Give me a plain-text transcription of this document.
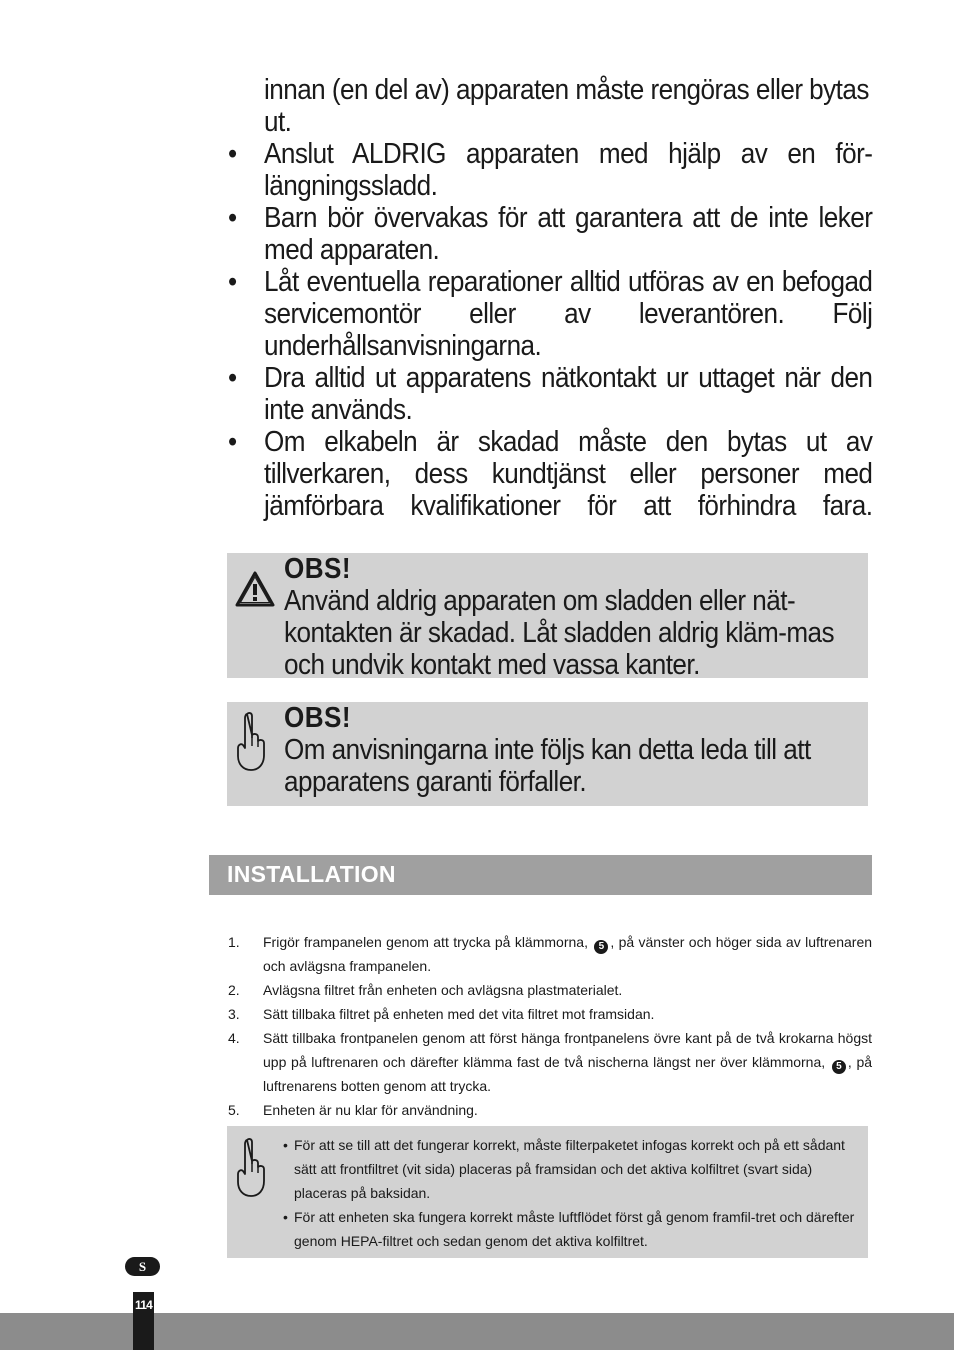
innan (en del av) apparaten måste rengöras eller bytas ut.

• Anslut ALDRIG apparaten med hjälp av en för-längningssladd.
• Barn bör övervakas för att garantera att de inte leker med apparaten.
• Låt eventuella reparationer alltid utföras av en befogad servicemontör eller av leverantören. Följ underhållsanvisningarna.
• Dra alltid ut apparatens nätkontakt ur uttaget när den inte används.
• Om elkabeln är skadad måste den bytas ut av tillverkaren, dess kundtjänst eller personer med jämförbara kvalifikationer för att förhindra fara.
OBS!
Använd aldrig apparaten om sladden eller nät-kontakten är skadad. Låt sladden aldrig kläm-mas och undvik kontakt med vassa kanter.
OBS!
Om anvisningarna inte följs kan detta leda till att apparatens garanti förfaller.
INSTALLATION
1. Frigör frampanelen genom att trycka på klämmorna, 5 , på vänster och höger sida av luftrenaren och avlägsna frampanelen.
2. Avlägsna filtret från enheten och avlägsna plastmaterialet.
3. Sätt tillbaka filtret på enheten med det vita filtret mot framsidan.
4. Sätt tillbaka frontpanelen genom att först hänga frontpanelens övre kant på de två krokarna högst upp på luftrenaren och därefter klämma fast de två nischerna längst ner över klämmorna, 5 , på luftrenarens botten genom att trycka.
5. Enheten är nu klar för användning.
• För att se till att det fungerar korrekt, måste filterpaketet infogas korrekt och på ett sådant sätt att frontfiltret (vit sida) placeras på framsidan och det aktiva kolfiltret (svart sida) placeras på baksidan.
• För att enheten ska fungera korrekt måste luftflödet först gå genom framfil-tret och därefter genom HEPA-filtret och sedan genom det aktiva kolfiltret.
S
114
